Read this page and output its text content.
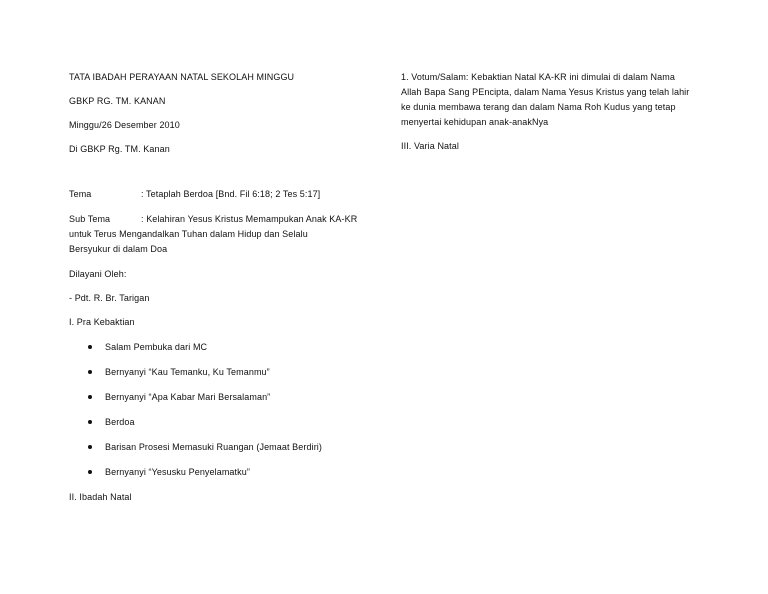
TATA IBADAH PERAYAAN NATAL SEKOLAH MINGGU

GBKP RG. TM. KANAN

Minggu/26 Desember 2010

Di GBKP Rg. TM. Kanan

Tema	: Tetaplah Berdoa [Bnd. Fil 6:18; 2 Tes 5:17]
Sub Tema	: Kelahiran Yesus Kristus Memampukan Anak KA-KR

untuk Terus Mengandalkan Tuhan dalam Hidup dan Selalu

Bersyukur di dalam Doa

Dilayani Oleh:

- Pdt. R. Br. Tarigan

I. Pra Kebaktian

Salam Pembuka dari MC
Bernyanyi “Kau Temanku, Ku Temanmu”
Bernyanyi “Apa Kabar Mari Bersalaman”
Berdoa
Barisan Prosesi Memasuki Ruangan (Jemaat Berdiri)
Bernyanyi “Yesusku Penyelamatku”

II. Ibadah Natal

1. Votum/Salam: Kebaktian Natal KA-KR ini dimulai di dalam Nama

Allah Bapa Sang PEncipta, dalam Nama Yesus Kristus yang telah lahir

ke dunia membawa terang dan dalam Nama Roh Kudus yang tetap

menyertai kehidupan anak-anakNya

III. Varia Natal
